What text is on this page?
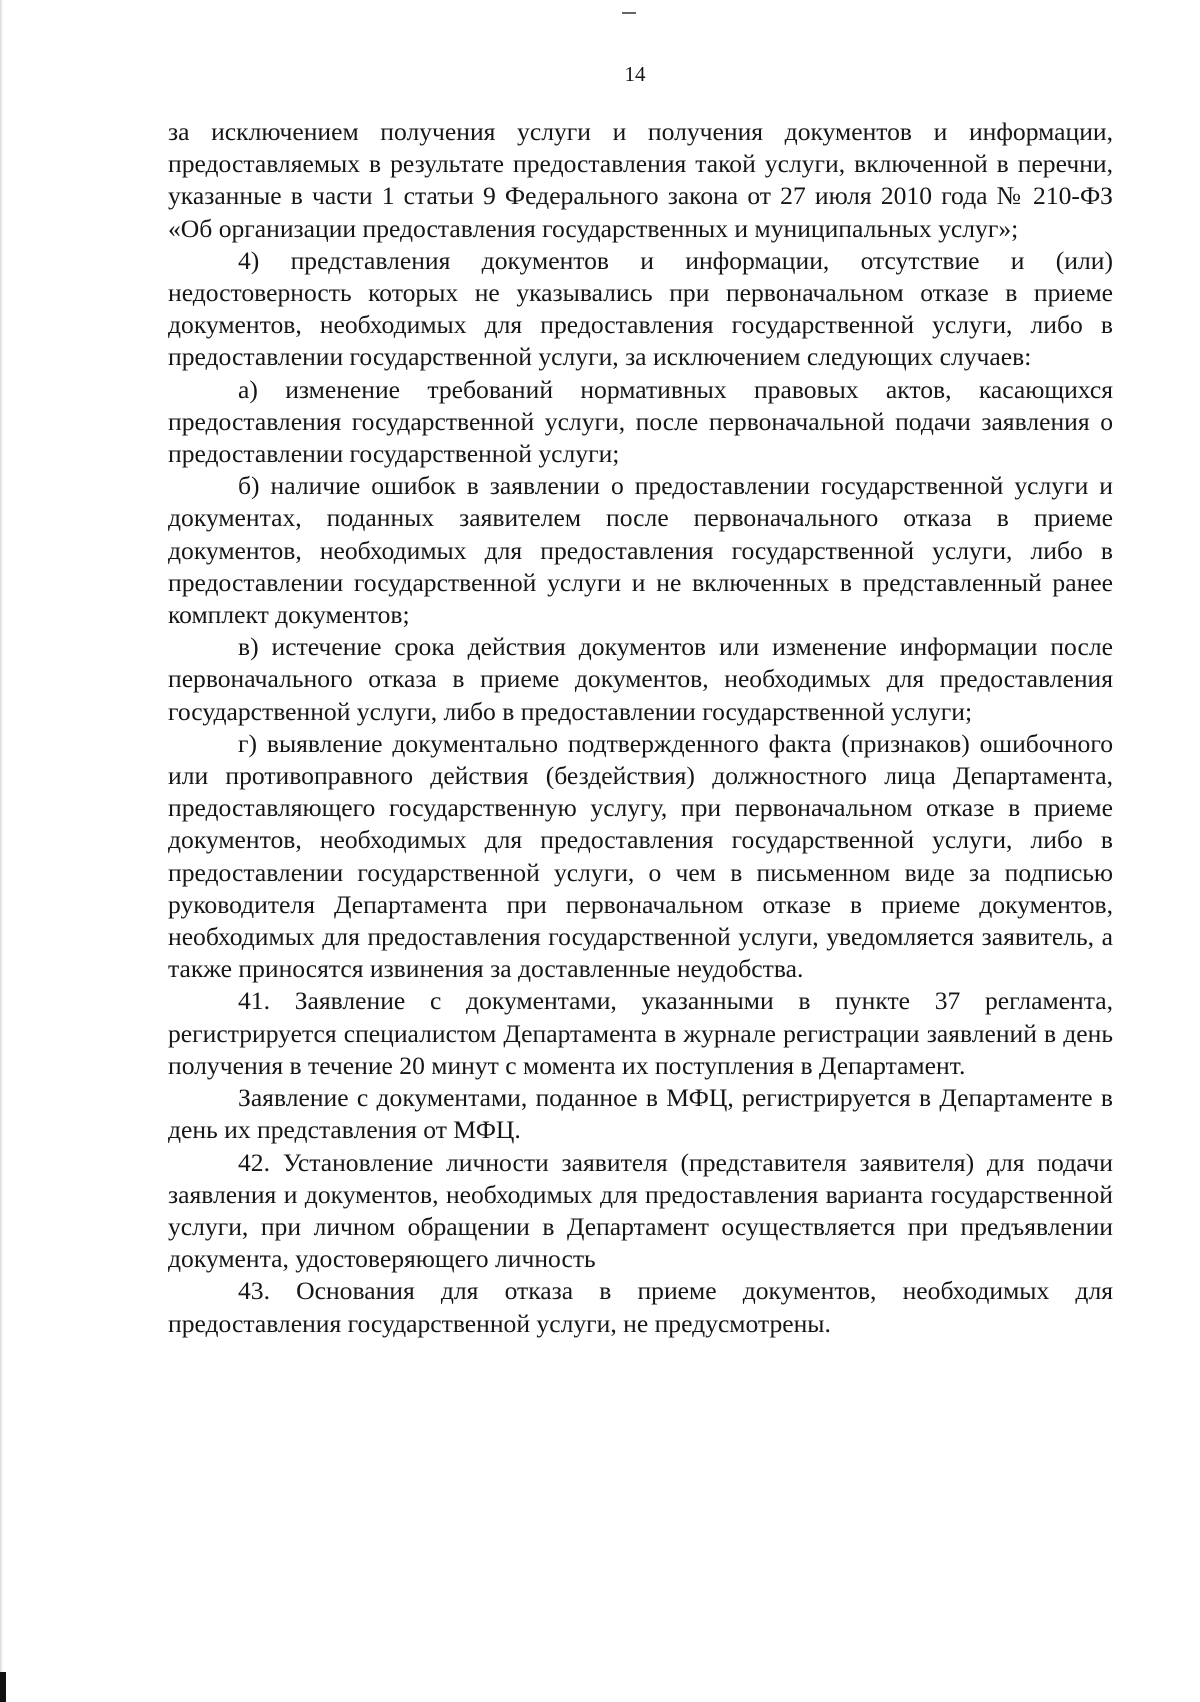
14

за исключением получения услуги и получения документов и информации, предоставляемых в результате предоставления такой услуги, включенной в перечни, указанные в части 1 статьи 9 Федерального закона от 27 июля 2010 года № 210-ФЗ «Об организации предоставления государственных и муниципальных услуг»;

4) представления документов и информации, отсутствие и (или) недостоверность которых не указывались при первоначальном отказе в приеме документов, необходимых для предоставления государственной услуги, либо в предоставлении государственной услуги, за исключением следующих случаев:

а) изменение требований нормативных правовых актов, касающихся предоставления государственной услуги, после первоначальной подачи заявления о предоставлении государственной услуги;

б) наличие ошибок в заявлении о предоставлении государственной услуги и документах, поданных заявителем после первоначального отказа в приеме документов, необходимых для предоставления государственной услуги, либо в предоставлении государственной услуги и не включенных в представленный ранее комплект документов;

в) истечение срока действия документов или изменение информации после первоначального отказа в приеме документов, необходимых для предоставления государственной услуги, либо в предоставлении государственной услуги;

г) выявление документально подтвержденного факта (признаков) ошибочного или противоправного действия (бездействия) должностного лица Департамента, предоставляющего государственную услугу, при первоначальном отказе в приеме документов, необходимых для предоставления государственной услуги, либо в предоставлении государственной услуги, о чем в письменном виде за подписью руководителя Департамента при первоначальном отказе в приеме документов, необходимых для предоставления государственной услуги, уведомляется заявитель, а также приносятся извинения за доставленные неудобства.

41. Заявление с документами, указанными в пункте 37 регламента, регистрируется специалистом Департамента в журнале регистрации заявлений в день получения в течение 20 минут с момента их поступления в Департамент.

Заявление с документами, поданное в МФЦ, регистрируется в Департаменте в день их представления от МФЦ.

42. Установление личности заявителя (представителя заявителя) для подачи заявления и документов, необходимых для предоставления варианта государственной услуги, при личном обращении в Департамент осуществляется при предъявлении документа, удостоверяющего личность

43. Основания для отказа в приеме документов, необходимых для предоставления государственной услуги, не предусмотрены.
